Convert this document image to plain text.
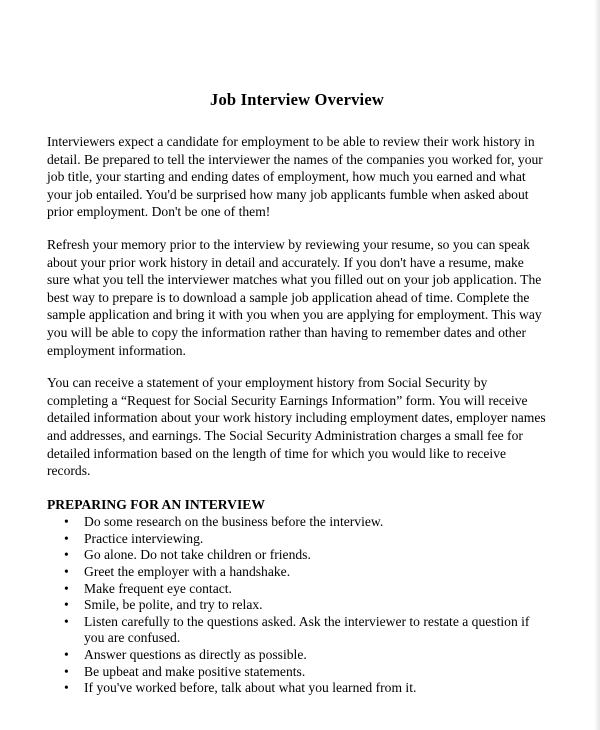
Job Interview Overview

Interviewers expect a candidate for employment to be able to review their work history in detail. Be prepared to tell the interviewer the names of the companies you worked for, your job title, your starting and ending dates of employment, how much you earned and what your job entailed. You'd be surprised how many job applicants fumble when asked about prior employment. Don't be one of them!

Refresh your memory prior to the interview by reviewing your resume, so you can speak about your prior work history in detail and accurately. If you don't have a resume, make sure what you tell the interviewer matches what you filled out on your job application. The best way to prepare is to download a sample job application ahead of time. Complete the sample application and bring it with you when you are applying for employment. This way you will be able to copy the information rather than having to remember dates and other employment information.

You can receive a statement of your employment history from Social Security by completing a “Request for Social Security Earnings Information” form. You will receive detailed information about your work history including employment dates, employer names and addresses, and earnings. The Social Security Administration charges a small fee for detailed information based on the length of time for which you would like to receive records.

PREPARING FOR AN INTERVIEW
• Do some research on the business before the interview.
• Practice interviewing.
• Go alone. Do not take children or friends.
• Greet the employer with a handshake.
• Make frequent eye contact.
• Smile, be polite, and try to relax.
• Listen carefully to the questions asked. Ask the interviewer to restate a question if you are confused.
• Answer questions as directly as possible.
• Be upbeat and make positive statements.
• If you've worked before, talk about what you learned from it.
